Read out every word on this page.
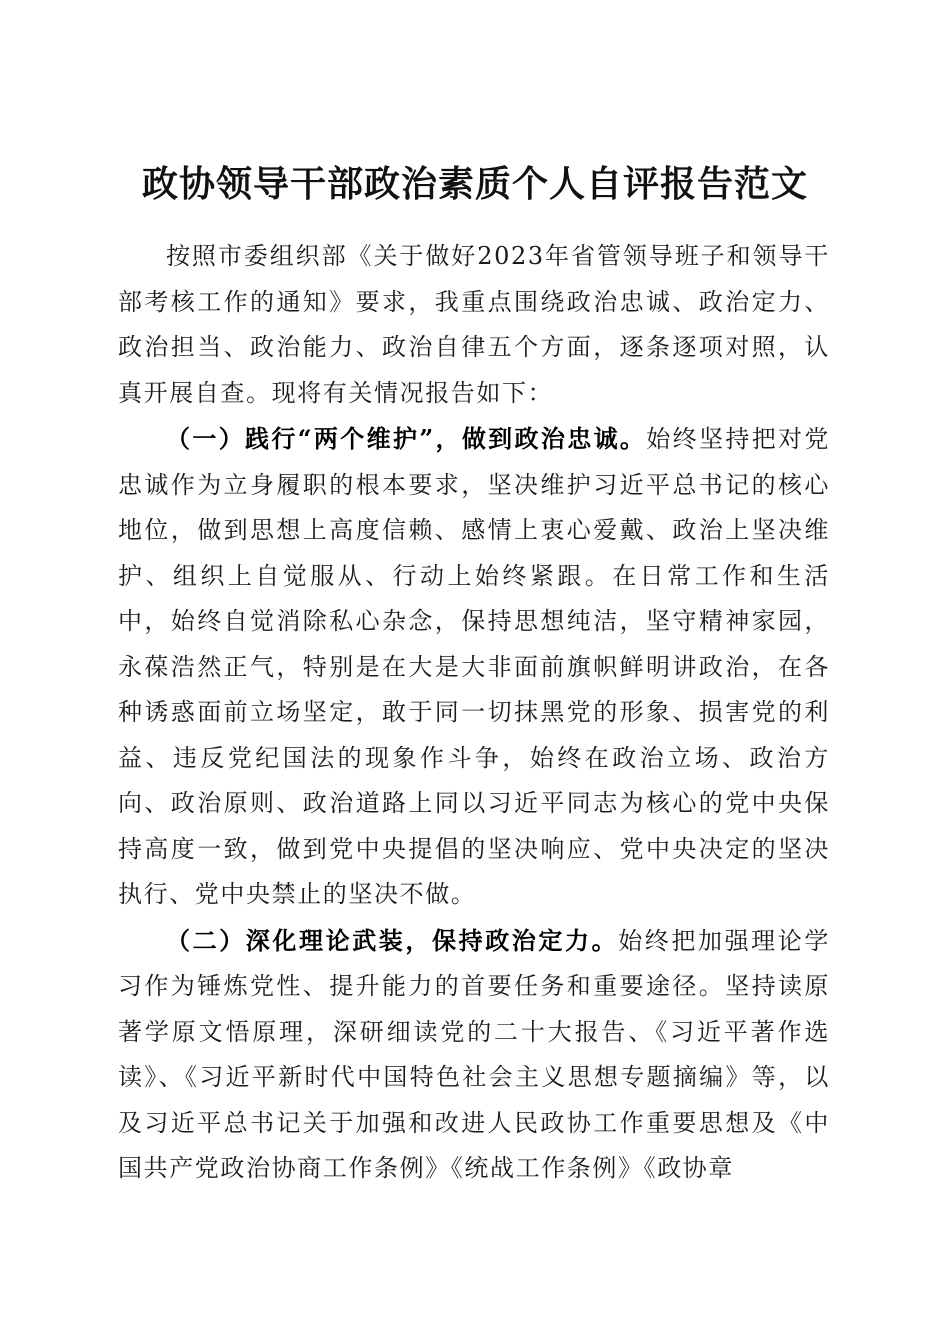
政协领导干部政治素质个人自评报告范文

按照市委组织部《关于做好2023年省管领导班子和领导干部考核工作的通知》要求，我重点围绕政治忠诚、政治定力、政治担当、政治能力、政治自律五个方面，逐条逐项对照，认真开展自查。现将有关情况报告如下：

（一）践行“两个维护”，做到政治忠诚。始终坚持把对党忠诚作为立身履职的根本要求，坚决维护习近平总书记的核心地位，做到思想上高度信赖、感情上衷心爱戴、政治上坚决维护、组织上自觉服从、行动上始终紧跟。在日常工作和生活中，始终自觉消除私心杂念，保持思想纯洁，坚守精神家园，永葆浩然正气，特别是在大是大非面前旗帜鲜明讲政治，在各种诱惑面前立场坚定，敢于同一切抹黑党的形象、损害党的利益、违反党纪国法的现象作斗争，始终在政治立场、政治方向、政治原则、政治道路上同以习近平同志为核心的党中央保持高度一致，做到党中央提倡的坚决响应、党中央决定的坚决执行、党中央禁止的坚决不做。

（二）深化理论武装，保持政治定力。始终把加强理论学习作为锤炼党性、提升能力的首要任务和重要途径。坚持读原著学原文悟原理，深研细读党的二十大报告、《习近平著作选读》、《习近平新时代中国特色社会主义思想专题摘编》等，以及习近平总书记关于加强和改进人民政协工作重要思想及《中国共产党政治协商工作条例》《统战工作条例》《政协章
